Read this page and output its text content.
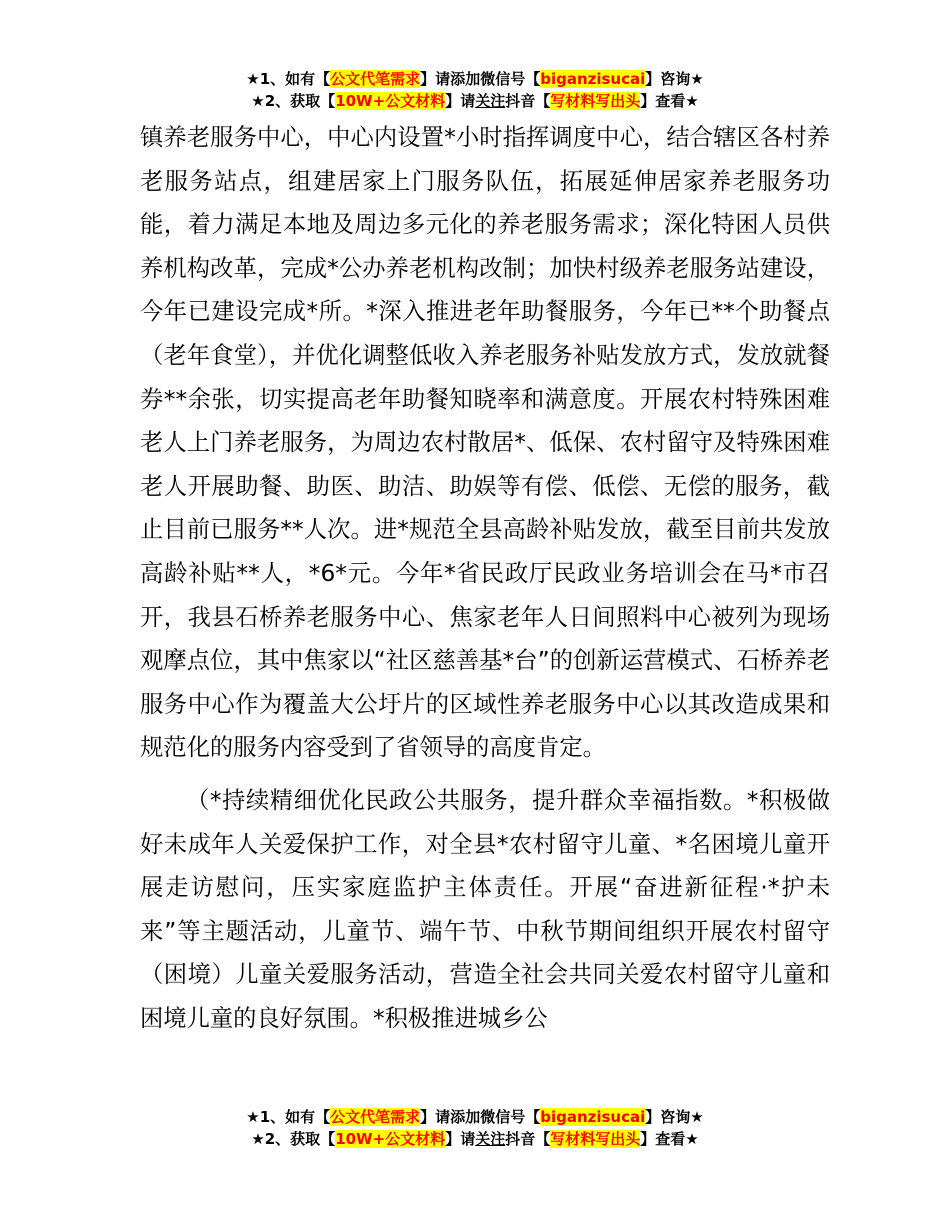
★1、如有【公文代笔需求】请添加微信号【biganzisucai】咨询★
★2、获取【10W+公文材料】请关注抖音【写材料写出头】查看★

镇养老服务中心，中心内设置*小时指挥调度中心，结合辖区各村养老服务站点，组建居家上门服务队伍，拓展延伸居家养老服务功能，着力满足本地及周边多元化的养老服务需求；深化特困人员供养机构改革，完成*公办养老机构改制；加快村级养老服务站建设，今年已建设完成*所。*深入推进老年助餐服务，今年已**个助餐点（老年食堂），并优化调整低收入养老服务补贴发放方式，发放就餐券**余张，切实提高老年助餐知晓率和满意度。开展农村特殊困难老人上门养老服务，为周边农村散居*、低保、农村留守及特殊困难老人开展助餐、助医、助洁、助娱等有偿、低偿、无偿的服务，截止目前已服务**人次。进*规范全县高龄补贴发放，截至目前共发放高龄补贴**人，*6*元。今年*省民政厅民政业务培训会在马*市召开，我县石桥养老服务中心、焦家老年人日间照料中心被列为现场观摩点位，其中焦家以“社区慈善基*台”的创新运营模式、石桥养老服务中心作为覆盖大公圩片的区域性养老服务中心以其改造成果和规范化的服务内容受到了省领导的高度肯定。

（*持续精细优化民政公共服务，提升群众幸福指数。*积极做好未成年人关爱保护工作，对全县*农村留守儿童、*名困境儿童开展走访慰问，压实家庭监护主体责任。开展“奋进新征程·*护未来”等主题活动，儿童节、端午节、中秋节期间组织开展农村留守（困境）儿童关爱服务活动，营造全社会共同关爱农村留守儿童和困境儿童的良好氛围。*积极推进城乡公

★1、如有【公文代笔需求】请添加微信号【biganzisucai】咨询★
★2、获取【10W+公文材料】请关注抖音【写材料写出头】查看★
